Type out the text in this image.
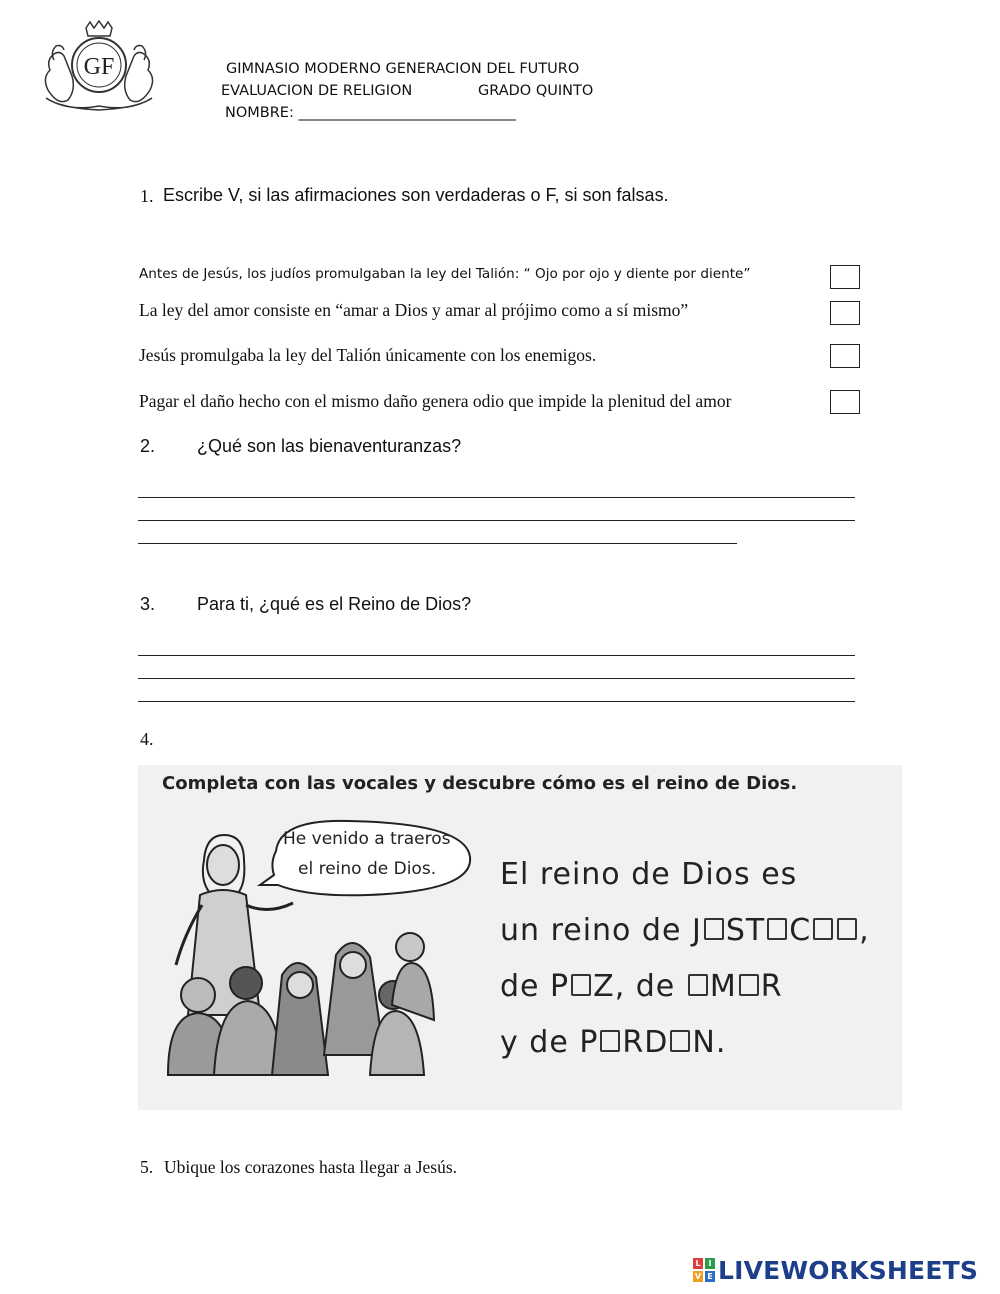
GF	GIMNASIO MODERNO GENERACION DEL FUTURO
EVALUACION DE RELIGION	GRADO QUINTO
NOMBRE: ______________________________
1. Escribe V, si las afirmaciones son verdaderas o F, si son falsas.
Antes de Jesús, los judíos promulgaban la ley del Talión: “ Ojo por ojo y diente por diente”
La ley del amor consiste en “amar a Dios y amar al prójimo como a sí mismo”
Jesús promulgaba la ley del Talión únicamente con los enemigos.
Pagar el daño hecho con el mismo daño genera odio que impide la plenitud del amor
2. ¿Qué son las bienaventuranzas?
3. Para ti, ¿qué es el Reino de Dios?
4.
Completa con las vocales y descubre cómo es el reino de Dios.
He venido a traeros
el reino de Dios. El reino de Dios es
un reino de J ST C ,
de P Z, de M R
y de P RD N.
5. Ubique los corazones hasta llegar a Jesús.
L I
V E LIVEWORKSHEETS
